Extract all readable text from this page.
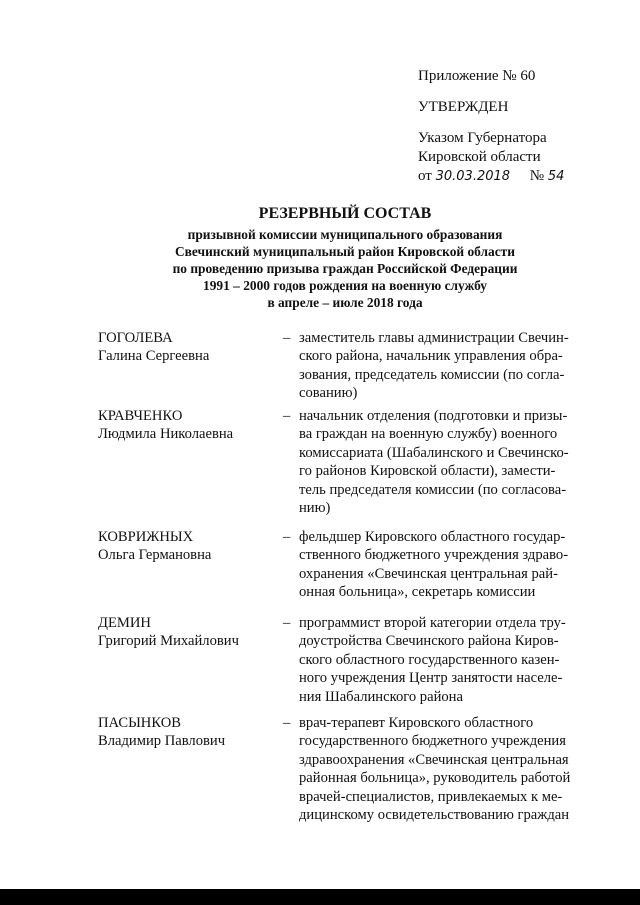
Приложение № 60
УТВЕРЖДЕН
Указом Губернатора
Кировской области
от 30.03.2018 № 54
РЕЗЕРВНЫЙ СОСТАВ
призывной комиссии муниципального образования
Свечинский муниципальный район Кировской области
по проведению призыва граждан Российской Федерации
1991 – 2000 годов рождения на военную службу
в апреле – июле 2018 года
ГОГОЛЕВА
Галина Сергеевна
– заместитель главы администрации Свечин-
ского района, начальник управления обра-
зования, председатель комиссии (по согла-
сованию)
КРАВЧЕНКО
Людмила Николаевна
– начальник отделения (подготовки и призы-
ва граждан на военную службу) военного
комиссариата (Шабалинского и Свечинско-
го районов Кировской области), замести-
тель председателя комиссии (по согласова-
нию)
КОВРИЖНЫХ
Ольга Германовна
– фельдшер Кировского областного государ-
ственного бюджетного учреждения здраво-
охранения «Свечинская центральная рай-
онная больница», секретарь комиссии
ДЕМИН
Григорий Михайлович
– программист второй категории отдела тру-
доустройства Свечинского района Киров-
ского областного государственного казен-
ного учреждения Центр занятости населе-
ния Шабалинского района
ПАСЫНКОВ
Владимир Павлович
– врач-терапевт Кировского областного
государственного бюджетного учреждения
здравоохранения «Свечинская центральная
районная больница», руководитель работой
врачей-специалистов, привлекаемых к ме-
дицинскому освидетельствованию граждан
